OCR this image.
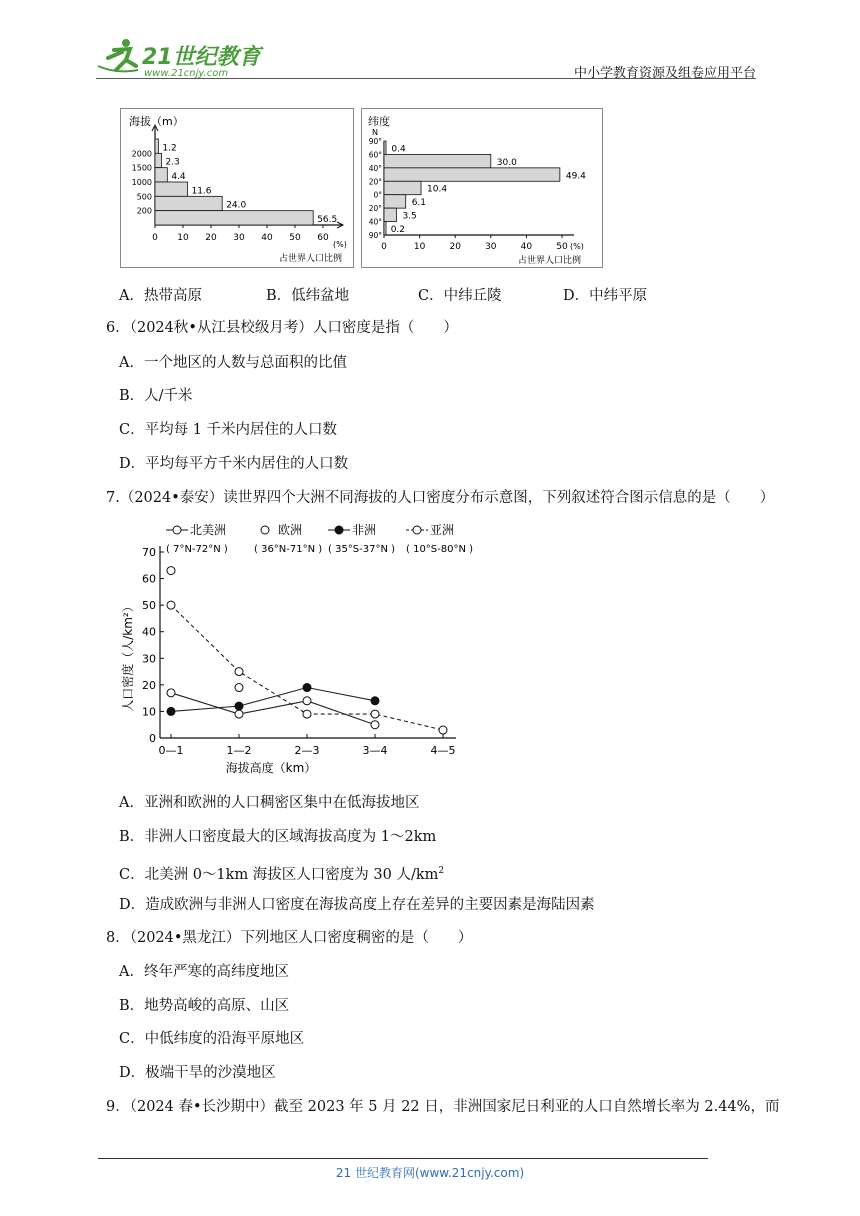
21世纪教育
www.21cnjy.com	中小学教育资源及组卷应用平台
海拔（m）
(%)
占世界人口比例
1.2
2.3
4.4
11.6
24.0
56.5
2000
1500
1000
500
200
0 10 20 30 40 50 60
纬度
N
(%)
占世界人口比例
0.4
30.0
49.4
10.4
6.1
3.5
0.2
90°
60°
40°
20°
0°
20°
40°
90°
0	10	20	30	40	50
A．热带高原	B．低纬盆地	C．中纬丘陵	D．中纬平原
6．（2024秋•从江县校级月考）人口密度是指（　　）
A．一个地区的人数与总面积的比值
B．人/千米
C．平均每 1 千米内居住的人口数
D．平均每平方千米内居住的人口数
7.（2024•泰安）读世界四个大洲不同海拔的人口密度分布示意图，下列叙述符合图示信息的是（　　）
北美洲
( 7°N-72°N )
欧洲
( 36°N-71°N )
非洲
( 35°S-37°N )
亚洲
( 10°S-80°N )
0
10
20
30
40
50
60
70
0—1	1—2	2—3	3—4	4—5
海拔高度（km）
人口密度（人/km²）
A．亚洲和欧洲的人口稠密区集中在低海拔地区
B．非洲人口密度最大的区域海拔高度为 1～2km
C．北美洲 0～1km 海拔区人口密度为 30 人$/km^2$
D．造成欧洲与非洲人口密度在海拔高度上存在差异的主要因素是海陆因素
8．（2024•黑龙江）下列地区人口密度稠密的是（　　）
A．终年严寒的高纬度地区
B．地势高峻的高原、山区
C．中低纬度的沿海平原地区
D．极端干旱的沙漠地区
9．（2024 春•长沙期中）截至 2023 年 5 月 22 日，非洲国家尼日利亚的人口自然增长率为 2.44%，而
21 世纪教育网(www.21cnjy.com)
